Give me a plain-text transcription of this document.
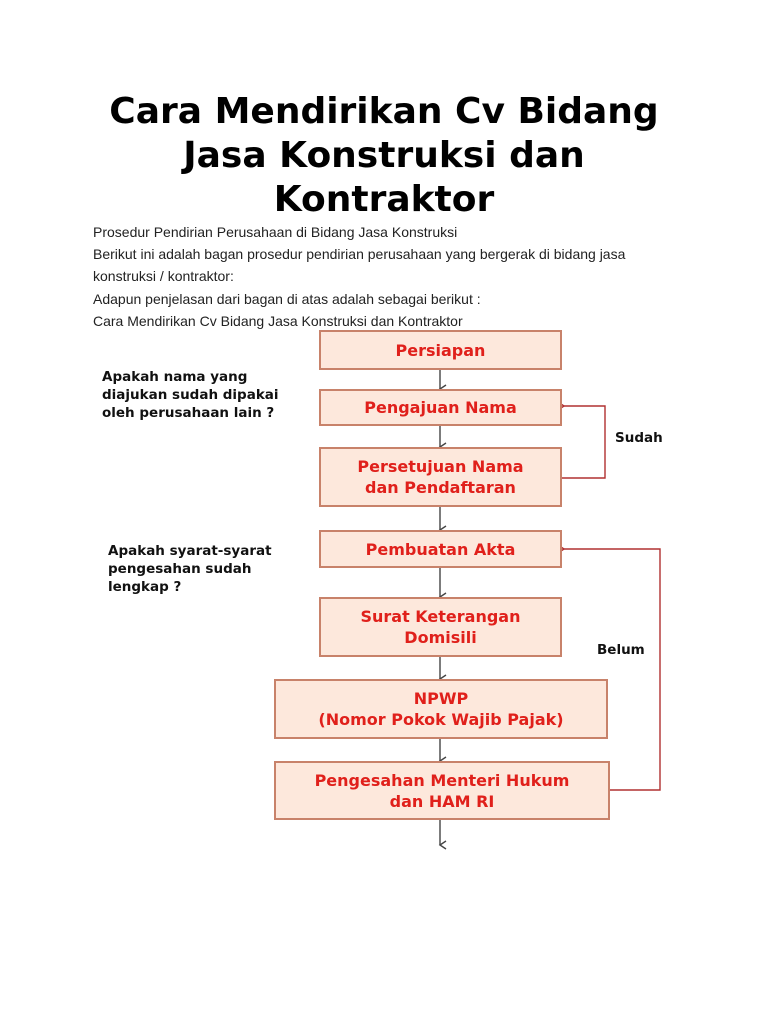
Cara Mendirikan Cv Bidang
Jasa Konstruksi dan
Kontraktor
Prosedur Pendirian Perusahaan di Bidang Jasa Konstruksi
Berikut ini adalah bagan prosedur pendirian perusahaan yang bergerak di bidang jasa
konstruksi / kontraktor:
Adapun penjelasan dari bagan di atas adalah sebagai berikut :
Cara Mendirikan Cv Bidang Jasa Konstruksi dan Kontraktor
Persiapan
Pengajuan Nama
Persetujuan Nama
dan Pendaftaran
Pembuatan Akta
Surat Keterangan
Domisili
NPWP
(Nomor Pokok Wajib Pajak)
Pengesahan Menteri Hukum
dan HAM RI
Apakah nama yang
diajukan sudah dipakai
oleh perusahaan lain ?
Apakah syarat-syarat
pengesahan sudah
lengkap ?
Sudah
Belum
